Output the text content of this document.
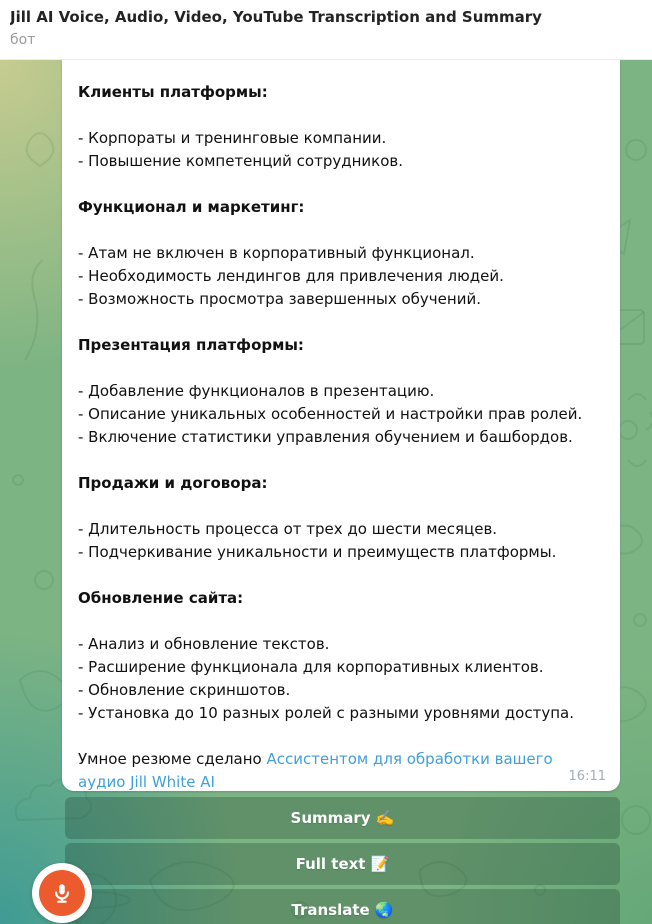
Jill AI Voice, Audio, Video, YouTube Transcription and Summary
бот
Клиенты платформы:
- Корпораты и тренинговые компании.
- Повышение компетенций сотрудников.
Функционал и маркетинг:
- Атам не включен в корпоративный функционал.
- Необходимость лендингов для привлечения людей.
- Возможность просмотра завершенных обучений.
Презентация платформы:
- Добавление функционалов в презентацию.
- Описание уникальных особенностей и настройки прав ролей.
- Включение статистики управления обучением и башбордов.
Продажи и договора:
- Длительность процесса от трех до шести месяцев.
- Подчеркивание уникальности и преимуществ платформы.
Обновление сайта:
- Анализ и обновление текстов.
- Расширение функционала для корпоративных клиентов.
- Обновление скриншотов.
- Установка до 10 разных ролей с разными уровнями доступа.
Умное резюме сделано Ассистентом для обработки вашего аудио Jill White AI	16:11
Summary ✍️
Full text 📝
Translate 🌏
